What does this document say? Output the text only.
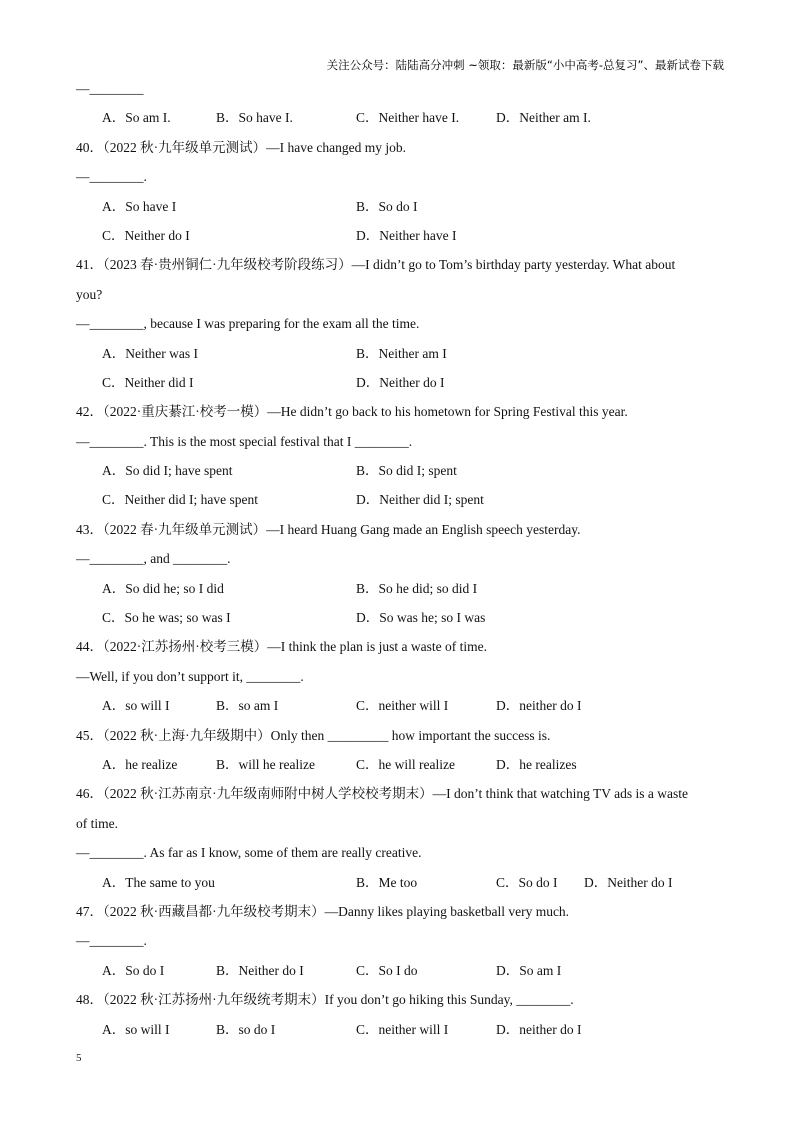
关注公众号：陆陆高分冲刺 ~领取：最新版“小中高考-总复习”、最新试卷下载
—________
A．So am I.	B．So have I.	C．Neither have I.	D．Neither am I.
40．（2022 秋·九年级单元测试）—I have changed my job.
—________.
A．So have I	B．So do I
C．Neither do I	D．Neither have I
41．（2023 春·贵州铜仁·九年级校考阶段练习）—I didn’t go to Tom’s birthday party yesterday. What about
you?
—________, because I was preparing for the exam all the time.
A．Neither was I	B．Neither am I
C．Neither did I	D．Neither do I
42．（2022·重庆綦江·校考一模）—He didn’t go back to his hometown for Spring Festival this year.
—________. This is the most special festival that I ________.
A．So did I; have spent	B．So did I; spent
C．Neither did I; have spent	D．Neither did I; spent
43．（2022 春·九年级单元测试）—I heard Huang Gang made an English speech yesterday.
—________, and ________.
A．So did he; so I did	B．So he did; so did I
C．So he was; so was I	D．So was he; so I was
44．（2022·江苏扬州·校考三模）—I think the plan is just a waste of time.
—Well, if you don’t support it, ________.
A．so will I	B．so am I	C．neither will I	D．neither do I
45．（2022 秋·上海·九年级期中）Only then _________ how important the success is.
A．he realize	B．will he realize	C．he will realize	D．he realizes
46．（2022 秋·江苏南京·九年级南师附中树人学校校考期末）—I don’t think that watching TV ads is a waste
of time.
—________. As far as I know, some of them are really creative.
A．The same to you	B．Me too	C．So do I D．Neither do I
47．（2022 秋·西藏昌都·九年级校考期末）—Danny likes playing basketball very much.
—________.
A．So do I	B．Neither do I	C．So I do	D．So am I
48．（2022 秋·江苏扬州·九年级统考期末）If you don’t go hiking this Sunday, ________.
A．so will I	B．so do I	C．neither will I	D．neither do I
5
